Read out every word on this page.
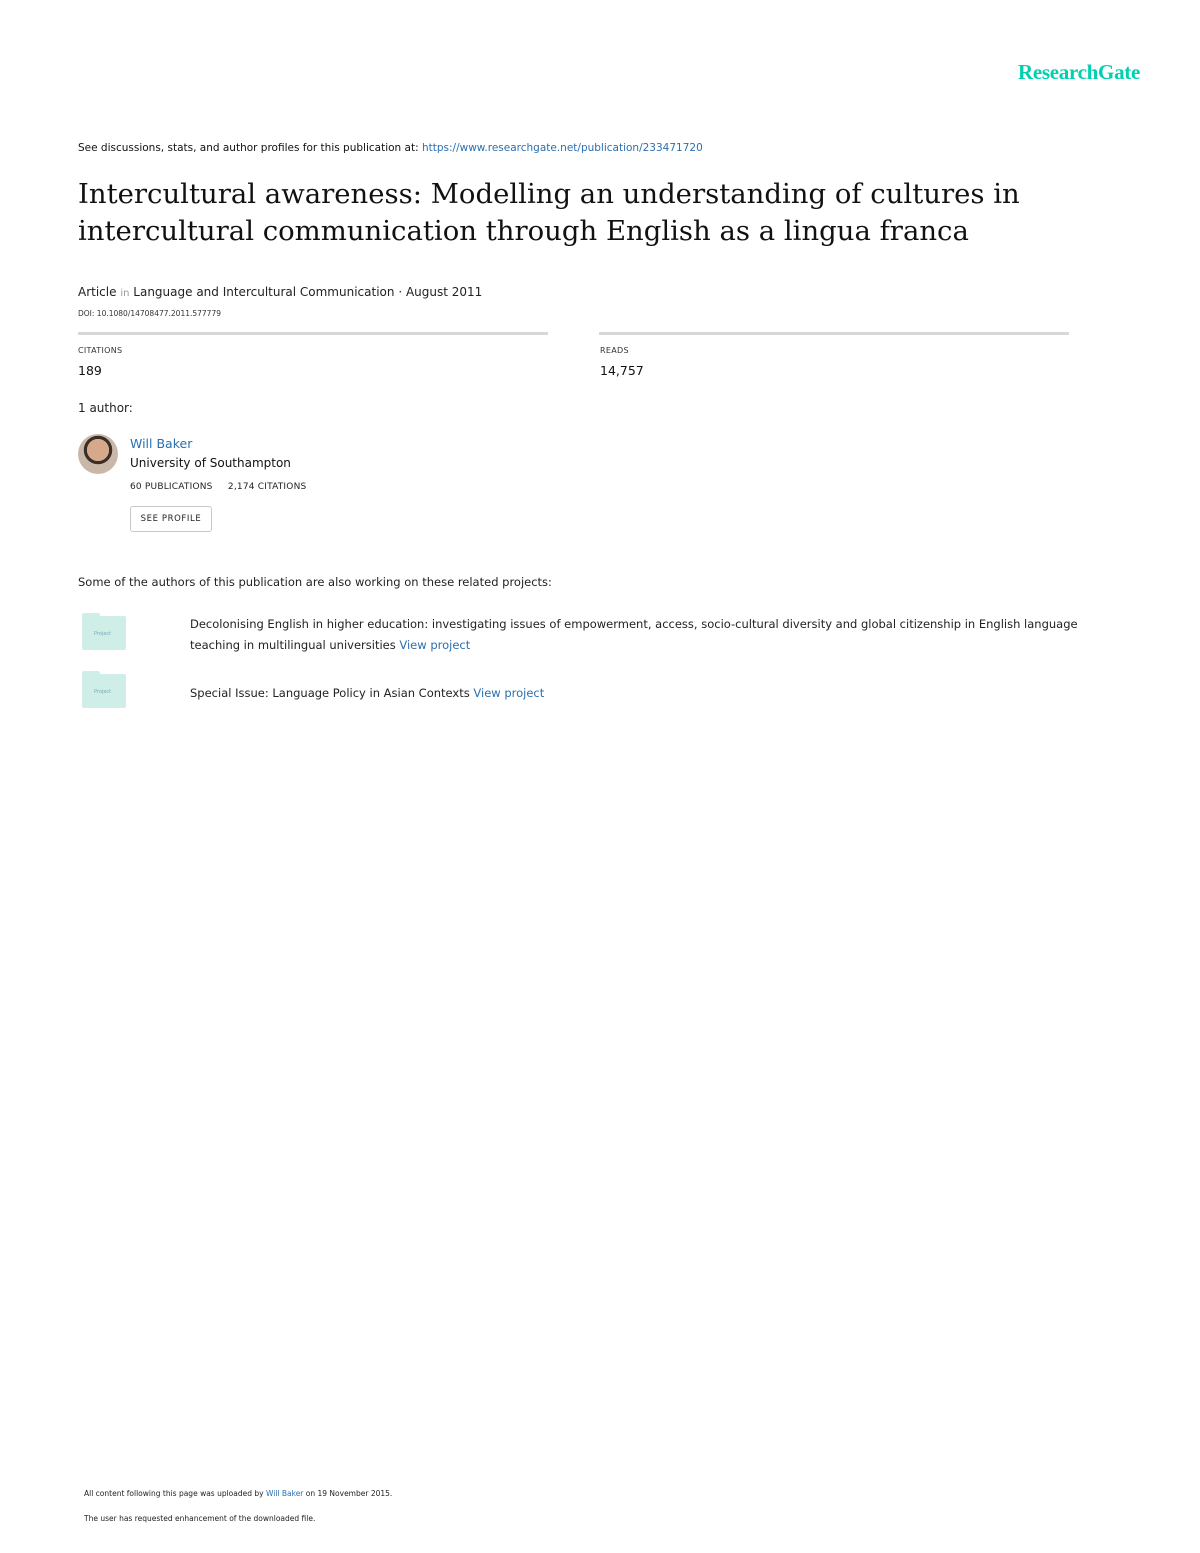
ResearchGate
See discussions, stats, and author profiles for this publication at: https://www.researchgate.net/publication/233471720
Intercultural awareness: Modelling an understanding of cultures in intercultural communication through English as a lingua franca
Article in Language and Intercultural Communication · August 2011
DOI: 10.1080/14708477.2011.577779
CITATIONS
189
READS
14,757
1 author:
Will Baker
University of Southampton
60 PUBLICATIONS 2,174 CITATIONS
SEE PROFILE
Some of the authors of this publication are also working on these related projects:
Project
Decolonising English in higher education: investigating issues of empowerment, access, socio-cultural diversity and global citizenship in English language teaching in multilingual universities View project
Project	Special Issue: Language Policy in Asian Contexts View project
All content following this page was uploaded by Will Baker on 19 November 2015.
The user has requested enhancement of the downloaded file.
